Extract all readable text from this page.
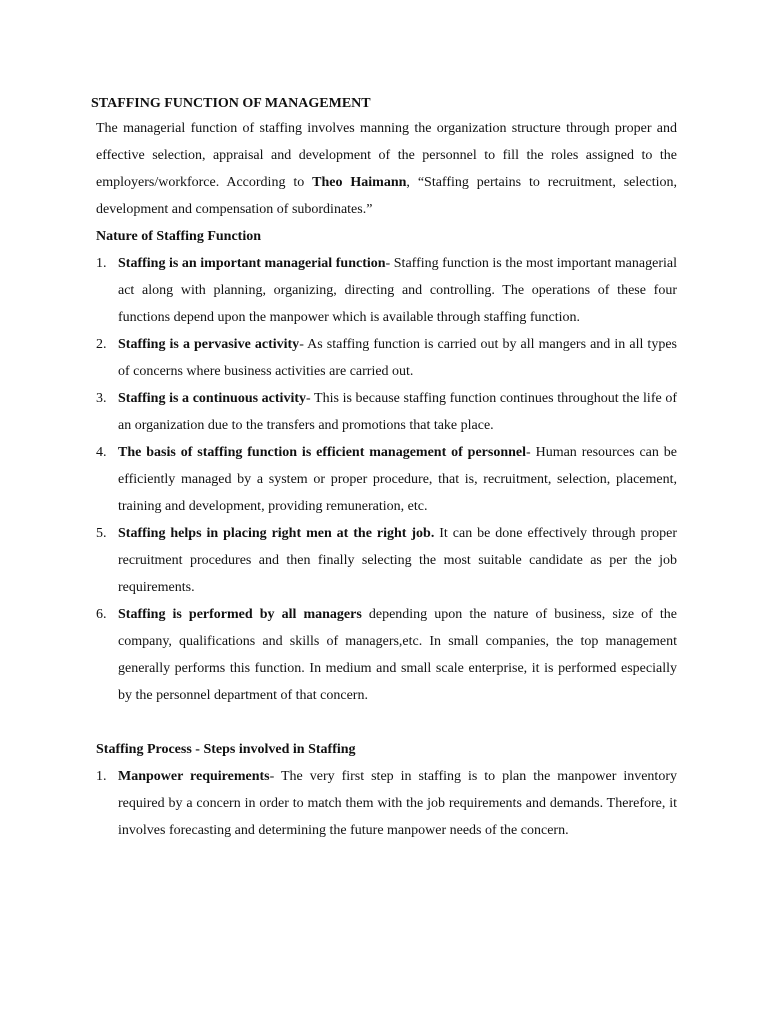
STAFFING FUNCTION OF MANAGEMENT

The managerial function of staffing involves manning the organization structure through proper and effective selection, appraisal and development of the personnel to fill the roles assigned to the employers/workforce. According to Theo Haimann, “Staffing pertains to recruitment, selection, development and compensation of subordinates.”

Nature of Staffing Function
1. Staffing is an important managerial function- Staffing function is the most important managerial act along with planning, organizing, directing and controlling. The operations of these four functions depend upon the manpower which is available through staffing function.
2. Staffing is a pervasive activity- As staffing function is carried out by all mangers and in all types of concerns where business activities are carried out.
3. Staffing is a continuous activity- This is because staffing function continues throughout the life of an organization due to the transfers and promotions that take place.
4. The basis of staffing function is efficient management of personnel- Human resources can be efficiently managed by a system or proper procedure, that is, recruitment, selection, placement, training and development, providing remuneration, etc.
5. Staffing helps in placing right men at the right job. It can be done effectively through proper recruitment procedures and then finally selecting the most suitable candidate as per the job requirements.
6. Staffing is performed by all managers depending upon the nature of business, size of the company, qualifications and skills of managers,etc. In small companies, the top management generally performs this function. In medium and small scale enterprise, it is performed especially by the personnel department of that concern.
Staffing Process - Steps involved in Staffing
1. Manpower requirements- The very first step in staffing is to plan the manpower inventory required by a concern in order to match them with the job requirements and demands. Therefore, it involves forecasting and determining the future manpower needs of the concern.
